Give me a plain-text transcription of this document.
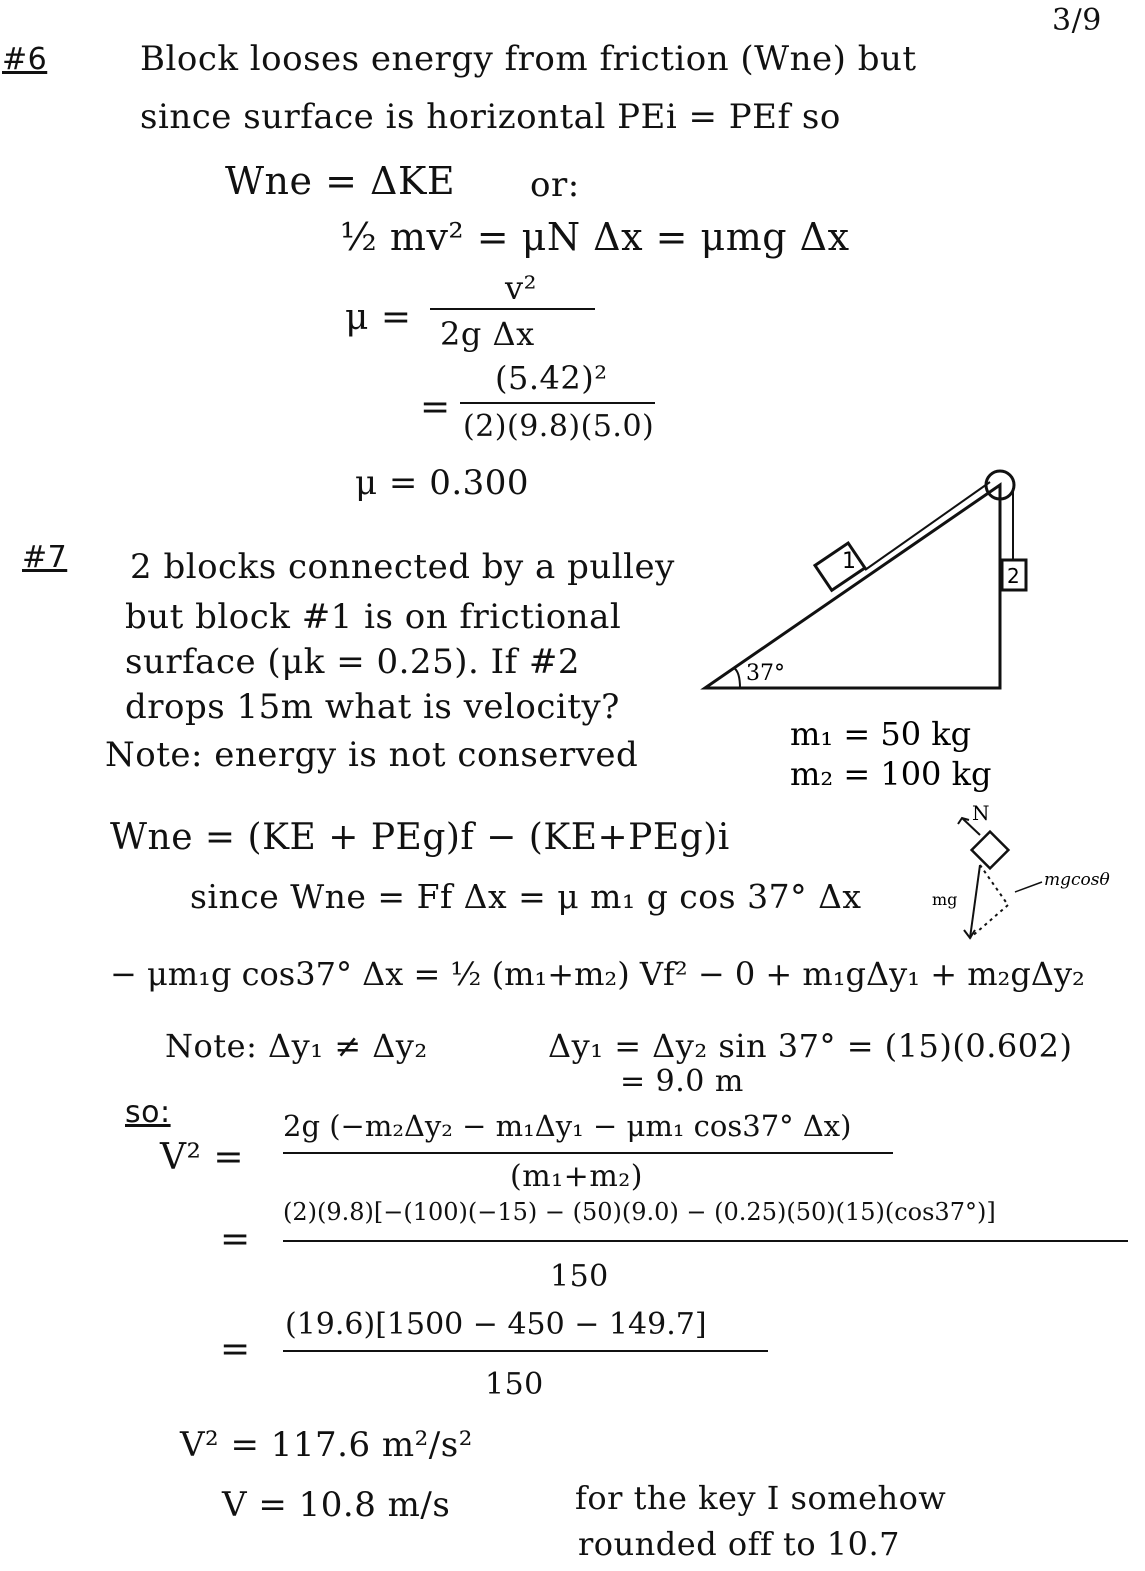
3/9
#6	Block looses energy from friction (Wne) but
since surface is horizontal PEi = PEf so
Wne = ΔKE or:
½ mv² = μN Δx = μmg Δx
μ =
v²
2g Δx
=
(5.42)²
(2)(9.8)(5.0)
μ = 0.300
#7 2 blocks connected by a pulley
but block #1 is on frictional
surface (μk = 0.25). If #2
drops 15m what is velocity?
Note: energy is not conserved
1
2
37°
m₁ = 50 kg
m₂ = 100 kg
N
mg
mgcosθ
Wne = (KE + PEg)f − (KE+PEg)i
since Wne = Ff Δx = μ m₁ g cos 37° Δx
− μm₁g cos37° Δx = ½ (m₁+m₂) Vf² − 0 + m₁gΔy₁ + m₂gΔy₂
Note: Δy₁ ≠ Δy₂	Δy₁ = Δy₂ sin 37° = (15)(0.602)
= 9.0 m
so:
V² =
2g (−m₂Δy₂ − m₁Δy₁ − μm₁ cos37° Δx)
(m₁+m₂)
=
(2)(9.8)[−(100)(−15) − (50)(9.0) − (0.25)(50)(15)(cos37°)]
150
=
(19.6)[1500 − 450 − 149.7]
150
V² = 117.6 m²/s²
V = 10.8 m/s	for the key I somehow
rounded off to 10.7
